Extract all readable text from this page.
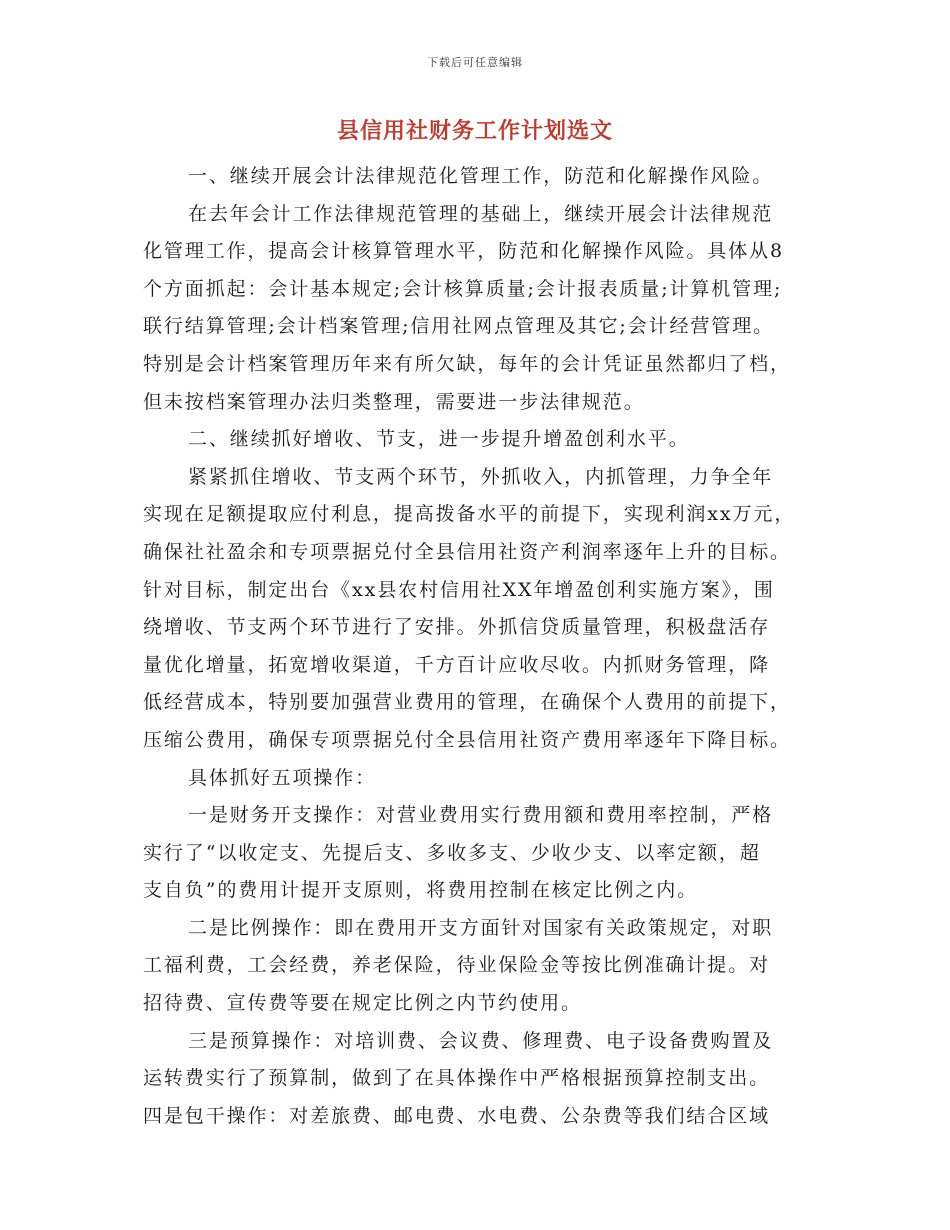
下载后可任意编辑
县信用社财务工作计划选文
一、继续开展会计法律规范化管理工作，防范和化解操作风险。
在去年会计工作法律规范管理的基础上，继续开展会计法律规范
化管理工作，提高会计核算管理水平，防范和化解操作风险。具体从8
个方面抓起：会计基本规定;会计核算质量;会计报表质量;计算机管理;
联行结算管理;会计档案管理;信用社网点管理及其它;会计经营管理。
特别是会计档案管理历年来有所欠缺，每年的会计凭证虽然都归了档，
但未按档案管理办法归类整理，需要进一步法律规范。
二、继续抓好增收、节支，进一步提升增盈创利水平。
紧紧抓住增收、节支两个环节，外抓收入，内抓管理，力争全年
实现在足额提取应付利息，提高拨备水平的前提下，实现利润xx万元，
确保社社盈余和专项票据兑付全县信用社资产利润率逐年上升的目标。
针对目标，制定出台《xx县农村信用社XX年增盈创利实施方案》，围
绕增收、节支两个环节进行了安排。外抓信贷质量管理，积极盘活存
量优化增量，拓宽增收渠道，千方百计应收尽收。内抓财务管理，降
低经营成本，特别要加强营业费用的管理，在确保个人费用的前提下，
压缩公费用，确保专项票据兑付全县信用社资产费用率逐年下降目标。
具体抓好五项操作：
一是财务开支操作：对营业费用实行费用额和费用率控制，严格
实行了“以收定支、先提后支、多收多支、少收少支、以率定额，超
支自负”的费用计提开支原则，将费用控制在核定比例之内。
二是比例操作：即在费用开支方面针对国家有关政策规定，对职
工福利费，工会经费，养老保险，待业保险金等按比例准确计提。对
招待费、宣传费等要在规定比例之内节约使用。
三是预算操作：对培训费、会议费、修理费、电子设备费购置及
运转费实行了预算制，做到了在具体操作中严格根据预算控制支出。
四是包干操作：对差旅费、邮电费、水电费、公杂费等我们结合区域
